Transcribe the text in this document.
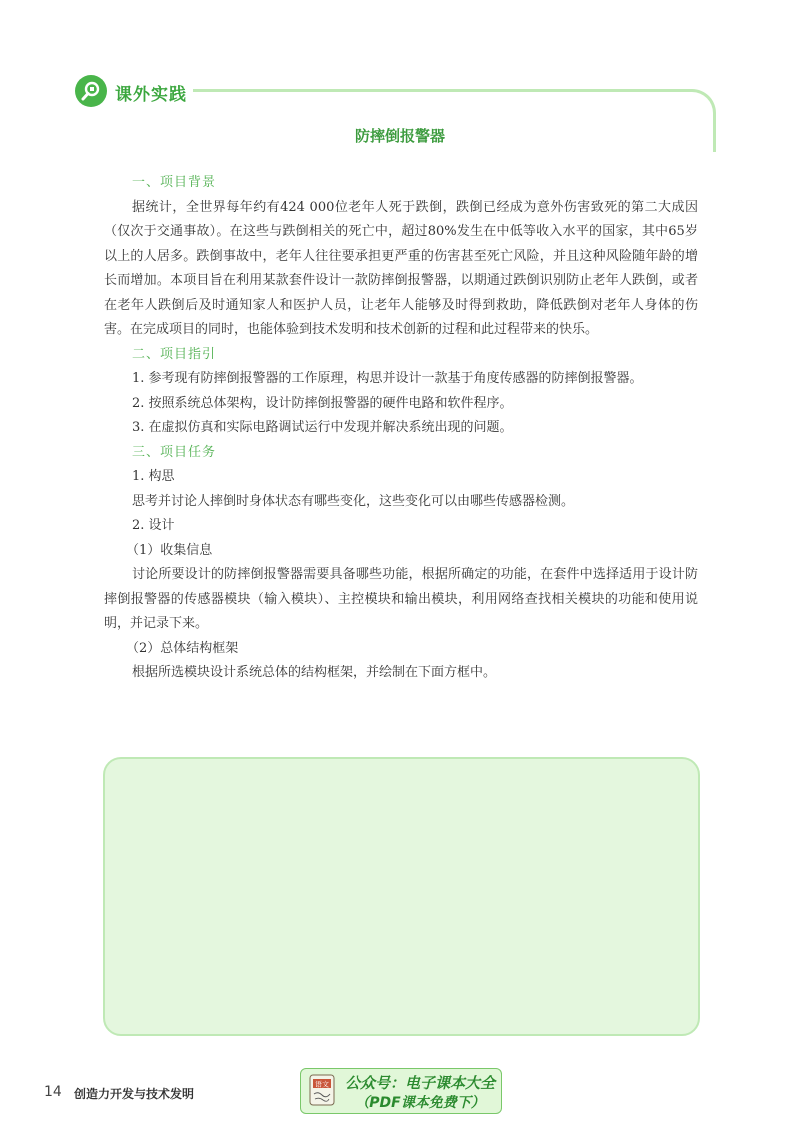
课外实践
防摔倒报警器

一、项目背景

据统计，全世界每年约有424 000位老年人死于跌倒，跌倒已经成为意外伤害致死的第二大成因（仅次于交通事故）。在这些与跌倒相关的死亡中，超过80%发生在中低等收入水平的国家，其中65岁以上的人居多。跌倒事故中，老年人往往要承担更严重的伤害甚至死亡风险，并且这种风险随年龄的增长而增加。本项目旨在利用某款套件设计一款防摔倒报警器，以期通过跌倒识别防止老年人跌倒，或者在老年人跌倒后及时通知家人和医护人员，让老年人能够及时得到救助，降低跌倒对老年人身体的伤害。在完成项目的同时，也能体验到技术发明和技术创新的过程和此过程带来的快乐。

二、项目指引

1. 参考现有防摔倒报警器的工作原理，构思并设计一款基于角度传感器的防摔倒报警器。

2. 按照系统总体架构，设计防摔倒报警器的硬件电路和软件程序。

3. 在虚拟仿真和实际电路调试运行中发现并解决系统出现的问题。

三、项目任务

1. 构思

思考并讨论人摔倒时身体状态有哪些变化，这些变化可以由哪些传感器检测。

2. 设计

（1）收集信息

讨论所要设计的防摔倒报警器需要具备哪些功能，根据所确定的功能，在套件中选择适用于设计防摔倒报警器的传感器模块（输入模块）、主控模块和输出模块，利用网络查找相关模块的功能和使用说明，并记录下来。

（2）总体结构框架

根据所选模块设计系统总体的结构框架，并绘制在下面方框中。

14 创造力开发与技术发明
语文 公众号：电子课本大全
（PDF课本免费下）
